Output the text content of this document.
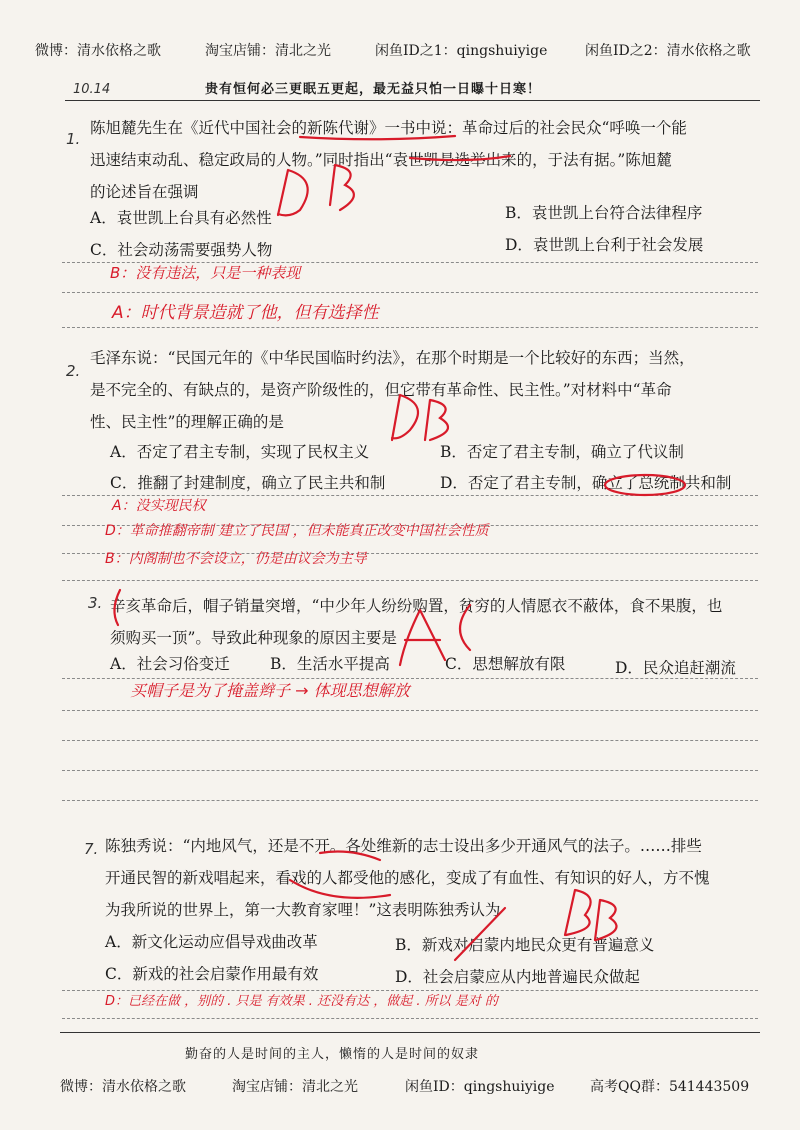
微博：清水依格之歌	淘宝店铺：清北之光	闲鱼ID之1：qingshuiyige	闲鱼ID之2：清水依格之歌
贵有恒何必三更眠五更起，最无益只怕一日曝十日寒！
10.14
1.
陈旭麓先生在《近代中国社会的新陈代谢》一书中说：革命过后的社会民众“呼唤一个能
迅速结束动乱、稳定政局的人物。”同时指出“袁世凯是选举出来的，于法有据。”陈旭麓
的论述旨在强调
A．袁世凯上台具有必然性	B．袁世凯上台符合法律程序
C．社会动荡需要强势人物	D．袁世凯上台利于社会发展
B：没有违法，只是一种表现
A：时代背景造就了他，但有选择性
2.
毛泽东说：“民国元年的《中华民国临时约法》，在那个时期是一个比较好的东西；当然，
是不完全的、有缺点的，是资产阶级性的，但它带有革命性、民主性。”对材料中“革命
性、民主性”的理解正确的是
A．否定了君主专制，实现了民权主义	B．否定了君主专制，确立了代议制
C．推翻了封建制度，确立了民主共和制	D．否定了君主专制，确立了总统制共和制
A：没实现民权
D：革命推翻帝制 建立了民国 ，但未能真正改变中国社会性质
B：内阁制也不会设立，仍是由议会为主导
3. 辛亥革命后，帽子销量突增，“中少年人纷纷购置，贫穷的人情愿衣不蔽体，食不果腹，也
须购买一顶”。导致此种现象的原因主要是
A．社会习俗变迁	B．生活水平提高	C．思想解放有限	D．民众追赶潮流
买帽子是为了掩盖辫子 → 体现思想解放
7. 陈独秀说：“内地风气，还是不开。各处维新的志士设出多少开通风气的法子。……排些
开通民智的新戏唱起来，看戏的人都受他的感化，变成了有血性、有知识的好人，方不愧
为我所说的世界上，第一大教育家哩！”这表明陈独秀认为
A．新文化运动应倡导戏曲改革	B．新戏对启蒙内地民众更有普遍意义
C．新戏的社会启蒙作用最有效	D．社会启蒙应从内地普遍民众做起
D：已经在做 ，别的 . 只是 有效果 . 还没有达 ，做起 . 所以 是对 的
勤奋的人是时间的主人，懒惰的人是时间的奴隶
微博：清水依格之歌	淘宝店铺：清北之光	闲鱼ID：qingshuiyige	高考QQ群：541443509
